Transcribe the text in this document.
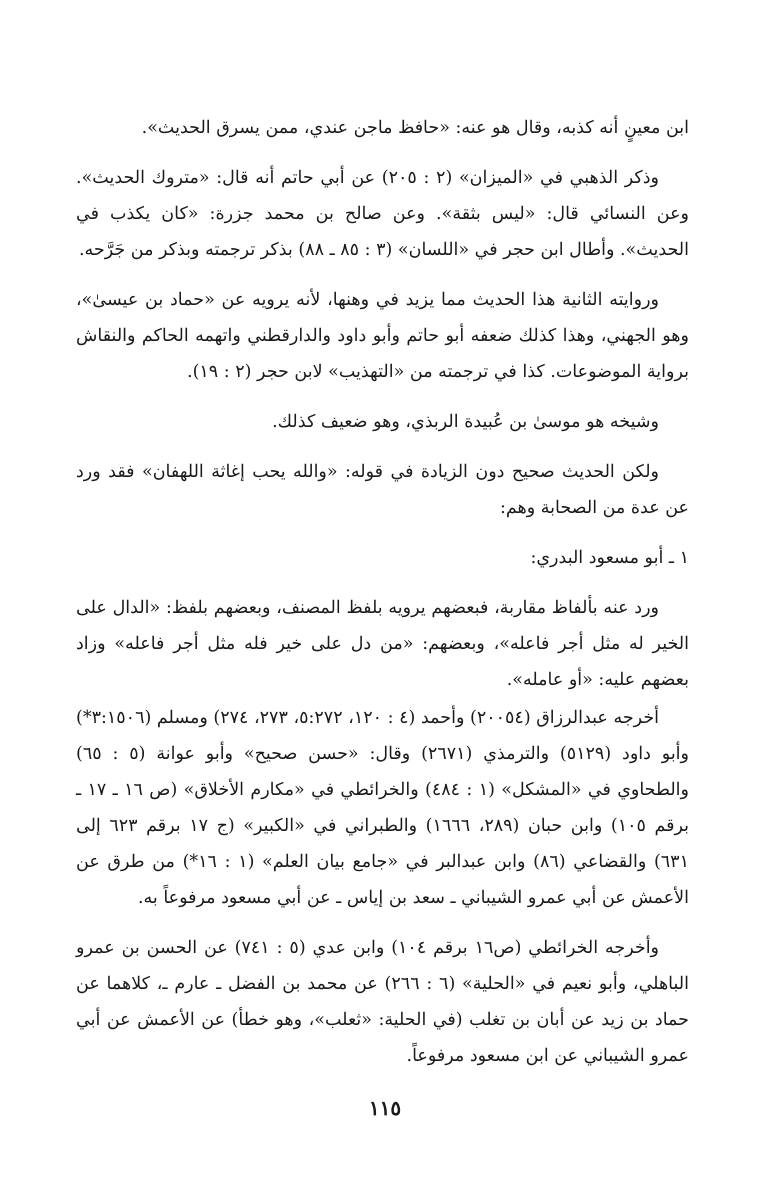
ابن معينٍ أنه كذبه، وقال هو عنه: «حافظ ماجن عندي، ممن يسرق الحديث».

وذكر الذهبي في «الميزان» (٢ : ٢٠٥) عن أبي حاتم أنه قال: «متروك الحديث». وعن النسائي قال: «ليس بثقة». وعن صالح بن محمد جزرة: «كان يكذب في الحديث». وأطال ابن حجر في «اللسان» (٣ : ٨٥ ـ ٨٨) بذكر ترجمته وبذكر من جَرَّحه.

وروايته الثانية هذا الحديث مما يزيد في وهنها، لأنه يرويه عن «حماد بن عيسىٰ»، وهو الجهني، وهذا كذلك ضعفه أبو حاتم وأبو داود والدارقطني واتهمه الحاكم والنقاش برواية الموضوعات. كذا في ترجمته من «التهذيب» لابن حجر (٢ : ١٩).

وشيخه هو موسىٰ بن عُبيدة الربذي، وهو ضعيف كذلك.

ولكن الحديث صحيح دون الزيادة في قوله: «والله يحب إغاثة اللهفان» فقد ورد عن عدة من الصحابة وهم:

١ ـ أبو مسعود البدري:

ورد عنه بألفاظ مقاربة، فبعضهم يرويه بلفظ المصنف، وبعضهم بلفظ: «الدال على الخير له مثل أجر فاعله»، وبعضهم: «من دل على خير فله مثل أجر فاعله» وزاد بعضهم عليه: «أو عامله».

أخرجه عبدالرزاق (٢٠٠٥٤) وأحمد (٤ : ١٢٠، ٥:٢٧٢، ٢٧٣، ٢٧٤) ومسلم (٣:١٥٠٦*) وأبو داود (٥١٢٩) والترمذي (٢٦٧١) وقال: «حسن صحيح» وأبو عوانة (٥ : ٦٥) والطحاوي في «المشكل» (١ : ٤٨٤) والخرائطي في «مكارم الأخلاق» (ص ١٦ ـ ١٧ ـ برقم ١٠٥) وابن حبان (٢٨٩، ١٦٦٦) والطبراني في «الكبير» (ج ١٧ برقم ٦٢٣ إلى ٦٣١) والقضاعي (٨٦) وابن عبدالبر في «جامع بيان العلم» (١ : ١٦*) من طرق عن الأعمش عن أبي عمرو الشيباني ـ سعد بن إياس ـ عن أبي مسعود مرفوعاً به.

وأخرجه الخرائطي (ص١٦ برقم ١٠٤) وابن عدي (٥ : ٧٤١) عن الحسن بن عمرو الباهلي، وأبو نعيم في «الحلية» (٦ : ٢٦٦) عن محمد بن الفضل ـ عارم ـ، كلاهما عن حماد بن زيد عن أبان بن تغلب (في الحلية: «ثعلب»، وهو خطأ) عن الأعمش عن أبي عمرو الشيباني عن ابن مسعود مرفوعاً.

١١٥
